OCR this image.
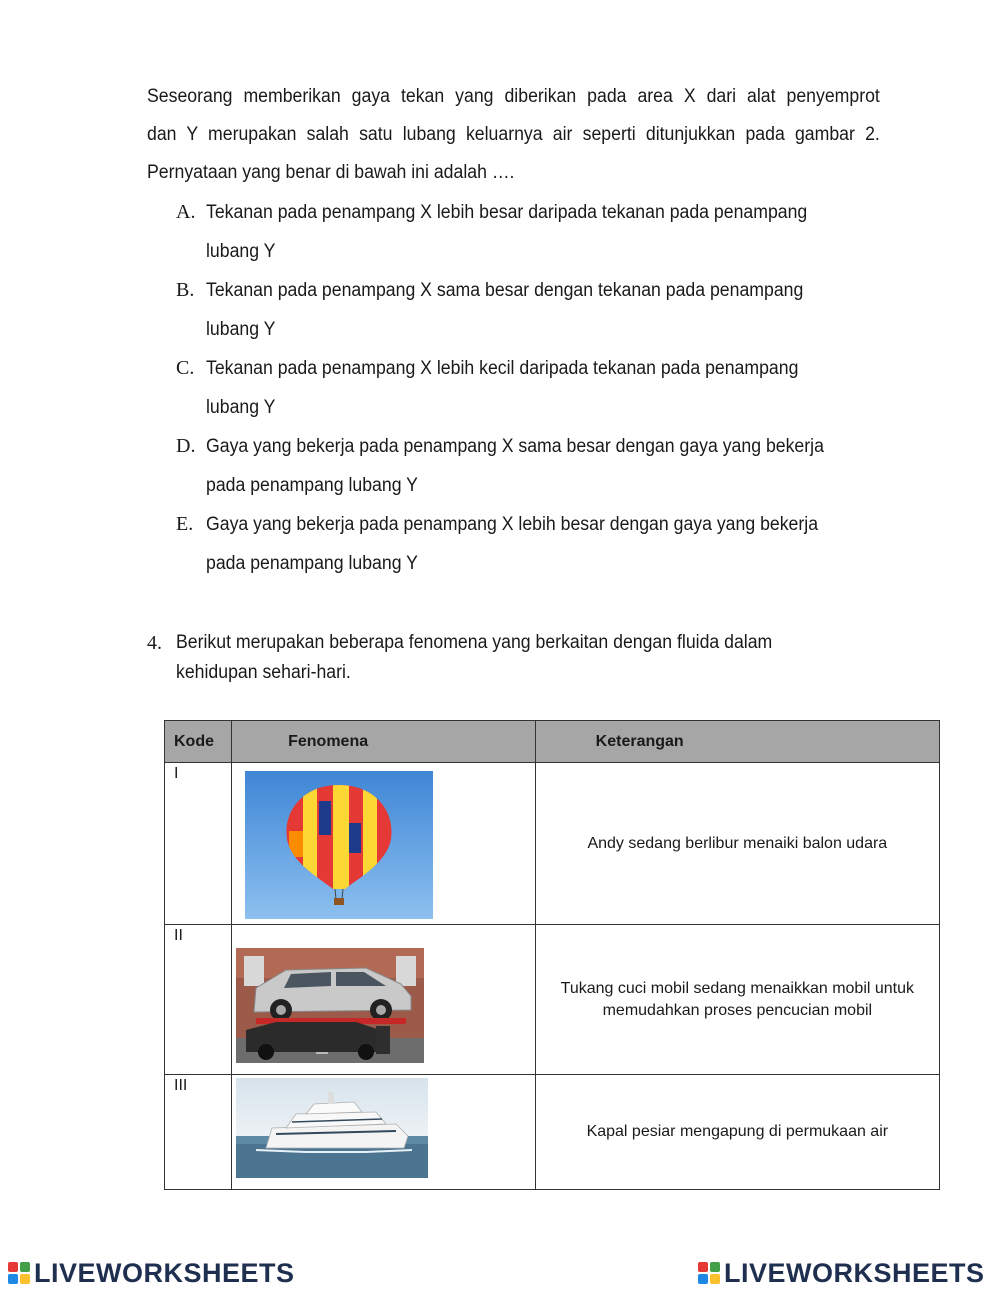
Seseorang memberikan gaya tekan yang diberikan pada area X dari alat penyemprot

dan Y merupakan salah satu lubang keluarnya air seperti ditunjukkan pada gambar 2.

Pernyataan yang benar di bawah ini adalah ….

A. Tekanan pada penampang X lebih besar daripada tekanan pada penampang
lubang Y
B. Tekanan pada penampang X sama besar dengan tekanan pada penampang
lubang Y
C. Tekanan pada penampang X lebih kecil daripada tekanan pada penampang
lubang Y
D. Gaya yang bekerja pada penampang X sama besar dengan gaya yang bekerja
pada penampang lubang Y
E. Gaya yang bekerja pada penampang X lebih besar dengan gaya yang bekerja
pada penampang lubang Y
4. Berikut merupakan beberapa fenomena yang berkaitan dengan fluida dalam
kehidupan sehari-hari.
Kode	Fenomena	Keterangan
I		Andy sedang berlibur menaiki balon udara

II		Tukang cuci mobil sedang menaikkan mobil untuk
memudahkan proses pencucian mobil

III		Kapal pesiar mengapung di permukaan air
LIVEWORKSHEETS	LIVEWORKSHEETS
